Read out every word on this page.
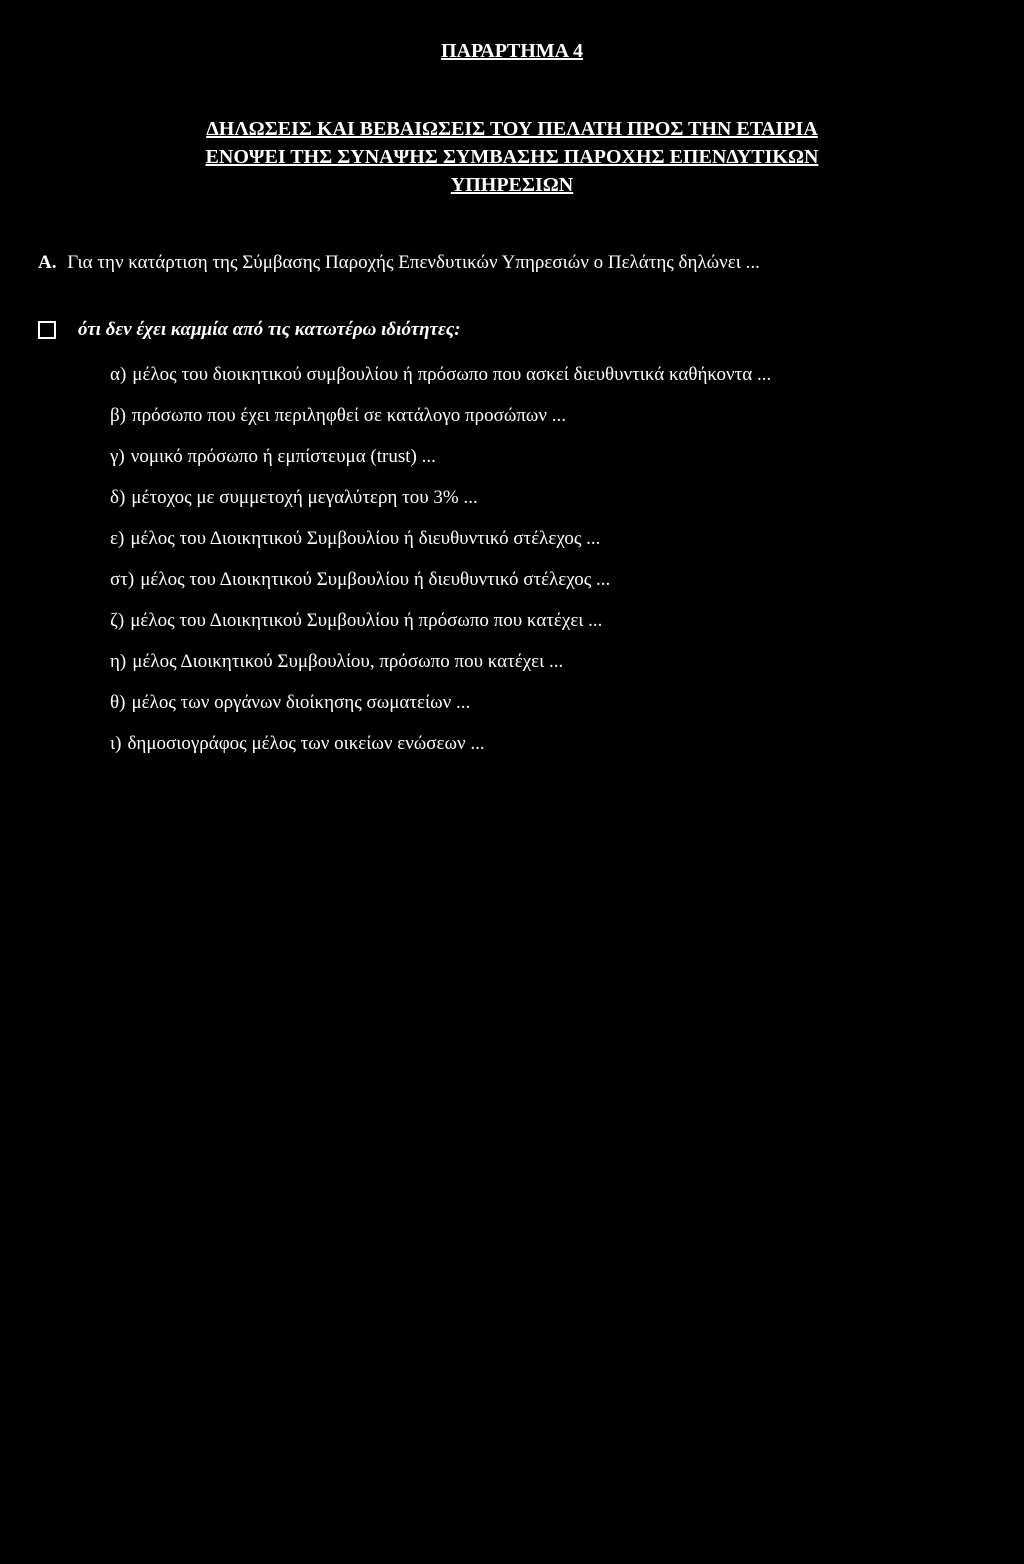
ΠΑΡΑΡΤΗΜΑ 4
ΔΗΛΩΣΕΙΣ ΚΑΙ ΒΕΒΑΙΩΣΕΙΣ ΤΟΥ ΠΕΛΑΤΗ ΠΡΟΣ ΤΗΝ ΕΤΑΙΡΙΑ
ΕΝΟΨΕΙ ΤΗΣ ΣΥΝΑΨΗΣ ΣΥΜΒΑΣΗΣ ΠΑΡΟΧΗΣ ΕΠΕΝΔΥΤΙΚΩΝ
ΥΠΗΡΕΣΙΩΝ

Α. Για την κατάρτιση της Σύμβασης Παροχής Επενδυτικών Υπηρεσιών ο Πελάτης δηλώνει ...

ότι δεν έχει καμμία από τις κατωτέρω ιδιότητες:

α) μέλος του διοικητικού συμβουλίου ή πρόσωπο που ασκεί διευθυντικά καθήκοντα ...

β) πρόσωπο που έχει περιληφθεί σε κατάλογο προσώπων ...

γ) νομικό πρόσωπο ή εμπίστευμα (trust) ...

δ) μέτοχος με συμμετοχή μεγαλύτερη του 3% ...

ε) μέλος του Διοικητικού Συμβουλίου ή διευθυντικό στέλεχος ...

στ) μέλος του Διοικητικού Συμβουλίου ή διευθυντικό στέλεχος ...

ζ) μέλος του Διοικητικού Συμβουλίου ή πρόσωπο που κατέχει ...

η) μέλος Διοικητικού Συμβουλίου, πρόσωπο που κατέχει ...

θ) μέλος των οργάνων διοίκησης σωματείων ...

ι) δημοσιογράφος μέλος των οικείων ενώσεων ...
